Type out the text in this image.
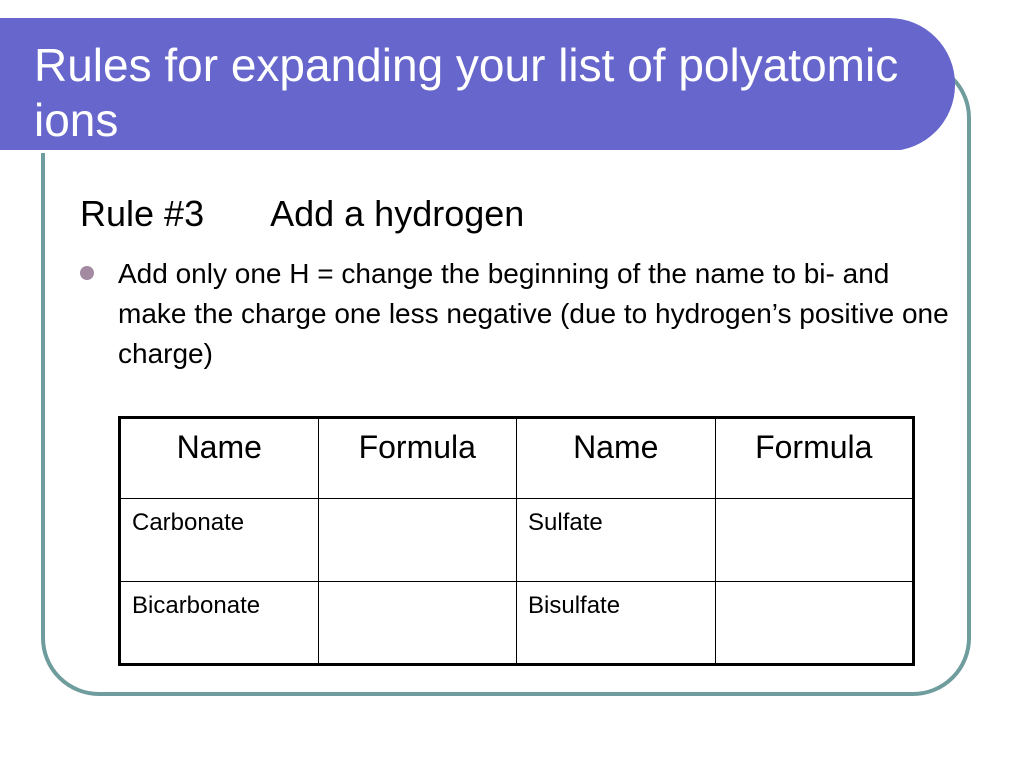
Rules for expanding your list of polyatomic ions

Rule #3 Add a hydrogen

Add only one H = change the beginning of the name to bi- and make the charge one less negative (due to hydrogen’s positive one charge)

Name	Formula	Name	Formula
Carbonate		Sulfate	
Bicarbonate		Bisulfate	
